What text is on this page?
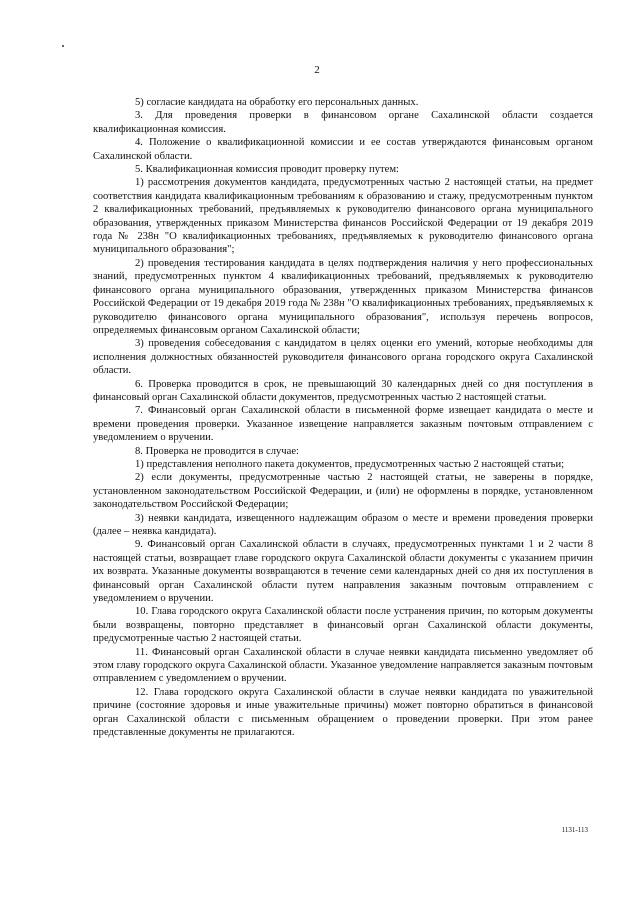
2

5) согласие кандидата на обработку его персональных данных.

3. Для проведения проверки в финансовом органе Сахалинской области создается квалификационная комиссия.

4. Положение о квалификационной комиссии и ее состав утверждаются финансовым органом Сахалинской области.

5. Квалификационная комиссия проводит проверку путем:

1) рассмотрения документов кандидата, предусмотренных частью 2 настоящей статьи, на предмет соответствия кандидата квалификационным требованиям к образованию и стажу, предусмотренным пунктом 2 квалификационных требований, предъявляемых к руководителю финансового органа муниципального образования, утвержденных приказом Министерства финансов Российской Федерации от 19 декабря 2019 года № 238н "О квалификационных требованиях, предъявляемых к руководителю финансового органа муниципального образования";

2) проведения тестирования кандидата в целях подтверждения наличия у него профессиональных знаний, предусмотренных пунктом 4 квалификационных требований, предъявляемых к руководителю финансового органа муниципального образования, утвержденных приказом Министерства финансов Российской Федерации от 19 декабря 2019 года № 238н "О квалификационных требованиях, предъявляемых к руководителю финансового органа муниципального образования", используя перечень вопросов, определяемых финансовым органом Сахалинской области;

3) проведения собеседования с кандидатом в целях оценки его умений, которые необходимы для исполнения должностных обязанностей руководителя финансового органа городского округа Сахалинской области.

6. Проверка проводится в срок, не превышающий 30 календарных дней со дня поступления в финансовый орган Сахалинской области документов, предусмотренных частью 2 настоящей статьи.

7. Финансовый орган Сахалинской области в письменной форме извещает кандидата о месте и времени проведения проверки. Указанное извещение направляется заказным почтовым отправлением с уведомлением о вручении.

8. Проверка не проводится в случае:

1) представления неполного пакета документов, предусмотренных частью 2 настоящей статьи;

2) если документы, предусмотренные частью 2 настоящей статьи, не заверены в порядке, установленном законодательством Российской Федерации, и (или) не оформлены в порядке, установленном законодательством Российской Федерации;

3) неявки кандидата, извещенного надлежащим образом о месте и времени проведения проверки (далее – неявка кандидата).

9. Финансовый орган Сахалинской области в случаях, предусмотренных пунктами 1 и 2 части 8 настоящей статьи, возвращает главе городского округа Сахалинской области документы с указанием причин их возврата. Указанные документы возвращаются в течение семи календарных дней со дня их поступления в финансовый орган Сахалинской области путем направления заказным почтовым отправлением с уведомлением о вручении.

10. Глава городского округа Сахалинской области после устранения причин, по которым документы были возвращены, повторно представляет в финансовый орган Сахалинской области документы, предусмотренные частью 2 настоящей статьи.

11. Финансовый орган Сахалинской области в случае неявки кандидата письменно уведомляет об этом главу городского округа Сахалинской области. Указанное уведомление направляется заказным почтовым отправлением с уведомлением о вручении.

12. Глава городского округа Сахалинской области в случае неявки кандидата по уважительной причине (состояние здоровья и иные уважительные причины) может повторно обратиться в финансовой орган Сахалинской области с письменным обращением о проведении проверки. При этом ранее представленные документы не прилагаются.

1131-113
